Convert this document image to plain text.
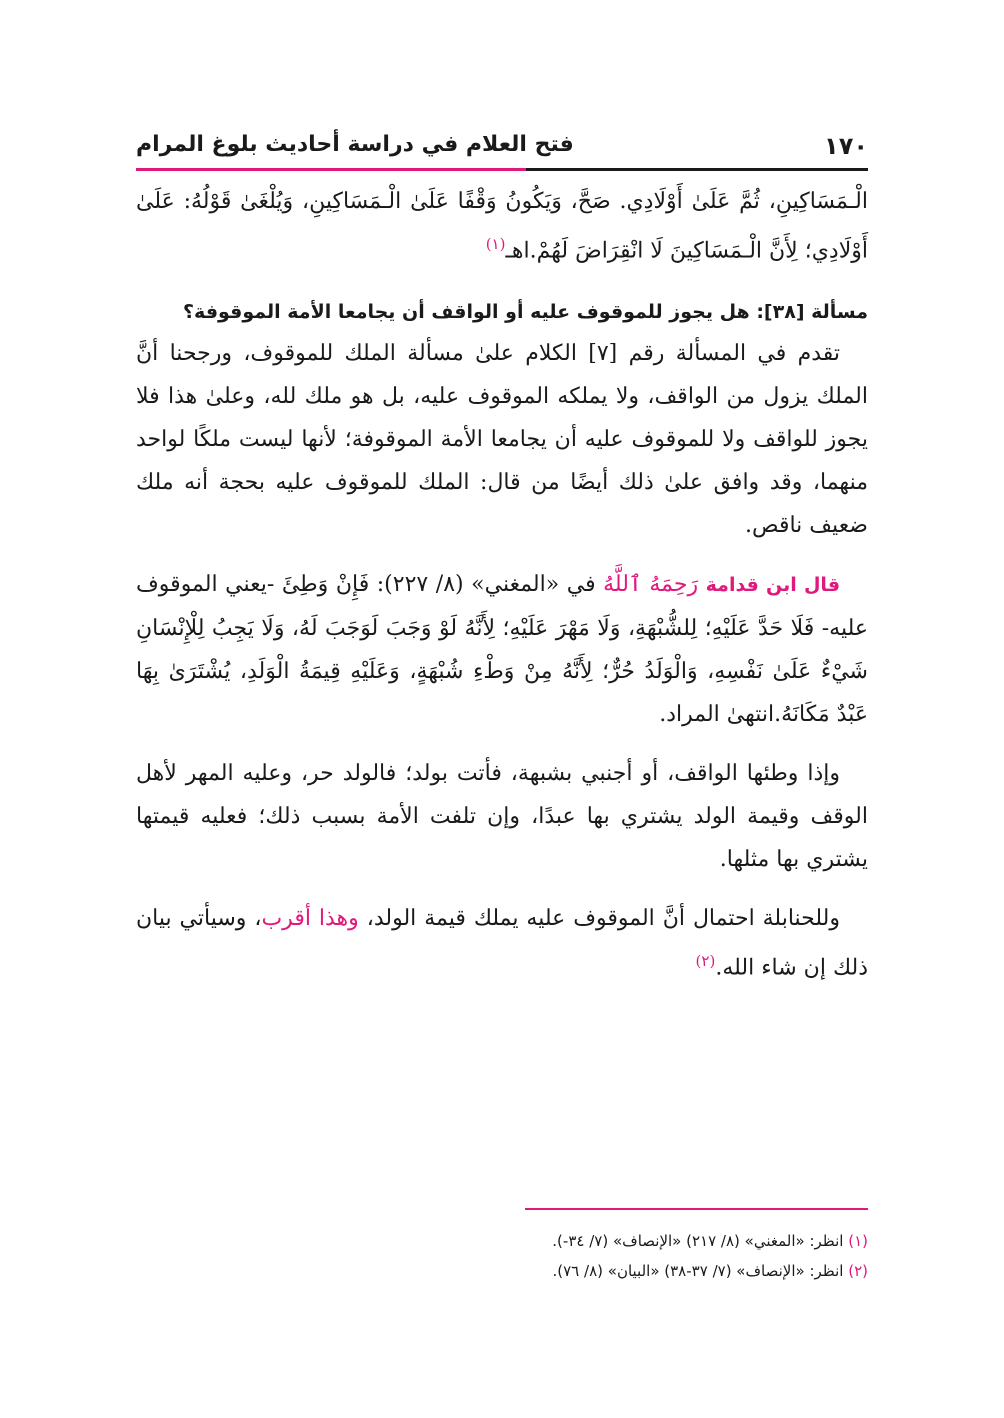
١٧٠
فتح العلام في دراسة أحاديث بلوغ المرام

الْـمَسَاكِينِ، ثُمَّ عَلَىٰ أَوْلَادِي. صَحَّ، وَيَكُونُ وَقْفًا عَلَىٰ الْـمَسَاكِينِ، وَيُلْغَىٰ قَوْلُهُ: عَلَىٰ أَوْلَادِي؛ لِأَنَّ الْـمَسَاكِينَ لَا انْقِرَاضَ لَهُمْ.اهـ$^{(١)}$

مسألة [٣٨]: هل يجوز للموقوف عليه أو الواقف أن يجامعا الأمة الموقوفة؟

تقدم في المسألة رقم [٧] الكلام علىٰ مسألة الملك للموقوف، ورجحنا أنَّ الملك يزول من الواقف، ولا يملكه الموقوف عليه، بل هو ملك لله، وعلىٰ هذا فلا يجوز للواقف ولا للموقوف عليه أن يجامعا الأمة الموقوفة؛ لأنها ليست ملكًا لواحد منهما، وقد وافق علىٰ ذلك أيضًا من قال: الملك للموقوف عليه بحجة أنه ملك ضعيف ناقص.

قال ابن قدامة رَحِمَهُ ٱللَّهُ في «المغني» (٨/ ٢٢٧): فَإِنْ وَطِئَ -يعني الموقوف عليه- فَلَا حَدَّ عَلَيْهِ؛ لِلشُّبْهَةِ، وَلَا مَهْرَ عَلَيْهِ؛ لِأَنَّهُ لَوْ وَجَبَ لَوَجَبَ لَهُ، وَلَا يَجِبُ لِلْإِنْسَانِ شَيْءٌ عَلَىٰ نَفْسِهِ، وَالْوَلَدُ حُرٌّ؛ لِأَنَّهُ مِنْ وَطْءِ شُبْهَةٍ، وَعَلَيْهِ قِيمَةُ الْوَلَدِ، يُشْتَرَىٰ بِهَا عَبْدٌ مَكَانَهُ.انتهىٰ المراد.

وإذا وطئها الواقف، أو أجنبي بشبهة، فأتت بولد؛ فالولد حر، وعليه المهر لأهل الوقف وقيمة الولد يشتري بها عبدًا، وإن تلفت الأمة بسبب ذلك؛ فعليه قيمتها يشتري بها مثلها.

وللحنابلة احتمال أنَّ الموقوف عليه يملك قيمة الولد، وهذا أقرب، وسيأتي بيان ذلك إن شاء الله.$^{(٢)}$

(١) انظر: «المغني» (٨/ ٢١٧) «الإنصاف» (٧/ ٣٤-).

(٢) انظر: «الإنصاف» (٧/ ٣٧-٣٨) «البيان» (٨/ ٧٦).
